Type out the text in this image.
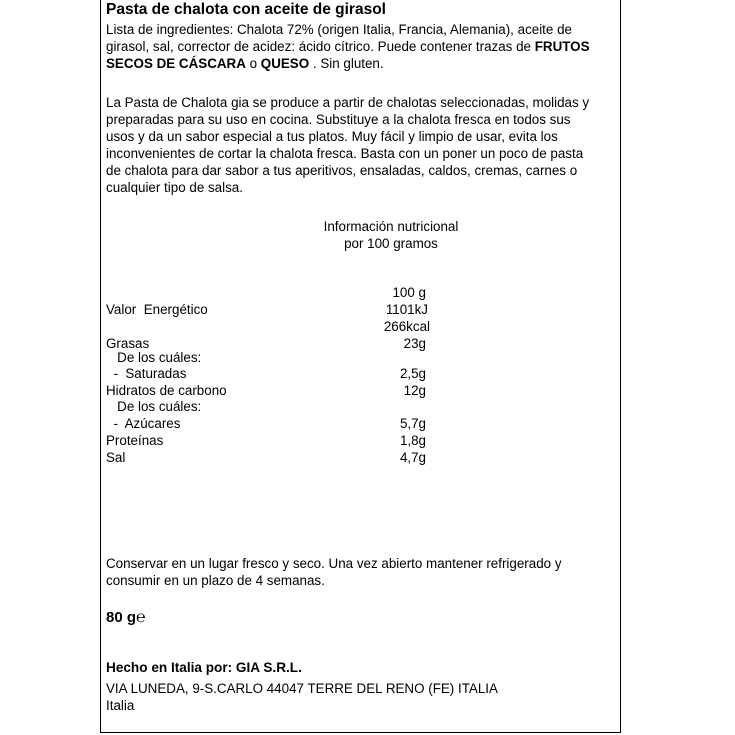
Pasta de chalota con aceite de girasol
Lista de ingredientes: Chalota 72% (origen Italia, Francia, Alemania), aceite de
girasol, sal, corrector de acidez: ácido cítrico. Puede contener trazas de FRUTOS
SECOS DE CÁSCARA o QUESO . Sin gluten.
La Pasta de Chalota gia se produce a partir de chalotas seleccionadas, molidas y
preparadas para su uso en cocina. Substituye a la chalota fresca en todos sus
usos y da un sabor especial a tus platos. Muy fácil y limpio de usar, evita los
inconvenientes de cortar la chalota fresca. Basta con un poner un poco de pasta
de chalota para dar sabor a tus aperitivos, ensaladas, caldos, cremas, carnes o
cualquier tipo de salsa.
Información nutricional
por 100 gramos
100 g
Valor  Energético	1101kJ
266kcal
Grasas	23g
De los cuáles:
-  Saturadas	2,5g
Hidratos de carbono	12g
De los cuáles:
-  Azúcares	5,7g
Proteínas	1,8g
Sal	4,7g
Conservar en un lugar fresco y seco. Una vez abierto mantener refrigerado y
consumir en un plazo de 4 semanas.
80 g℮
Hecho en Italia por: GIA S.R.L.
VIA LUNEDA, 9-S.CARLO 44047 TERRE DEL RENO (FE) ITALIA
Italia
